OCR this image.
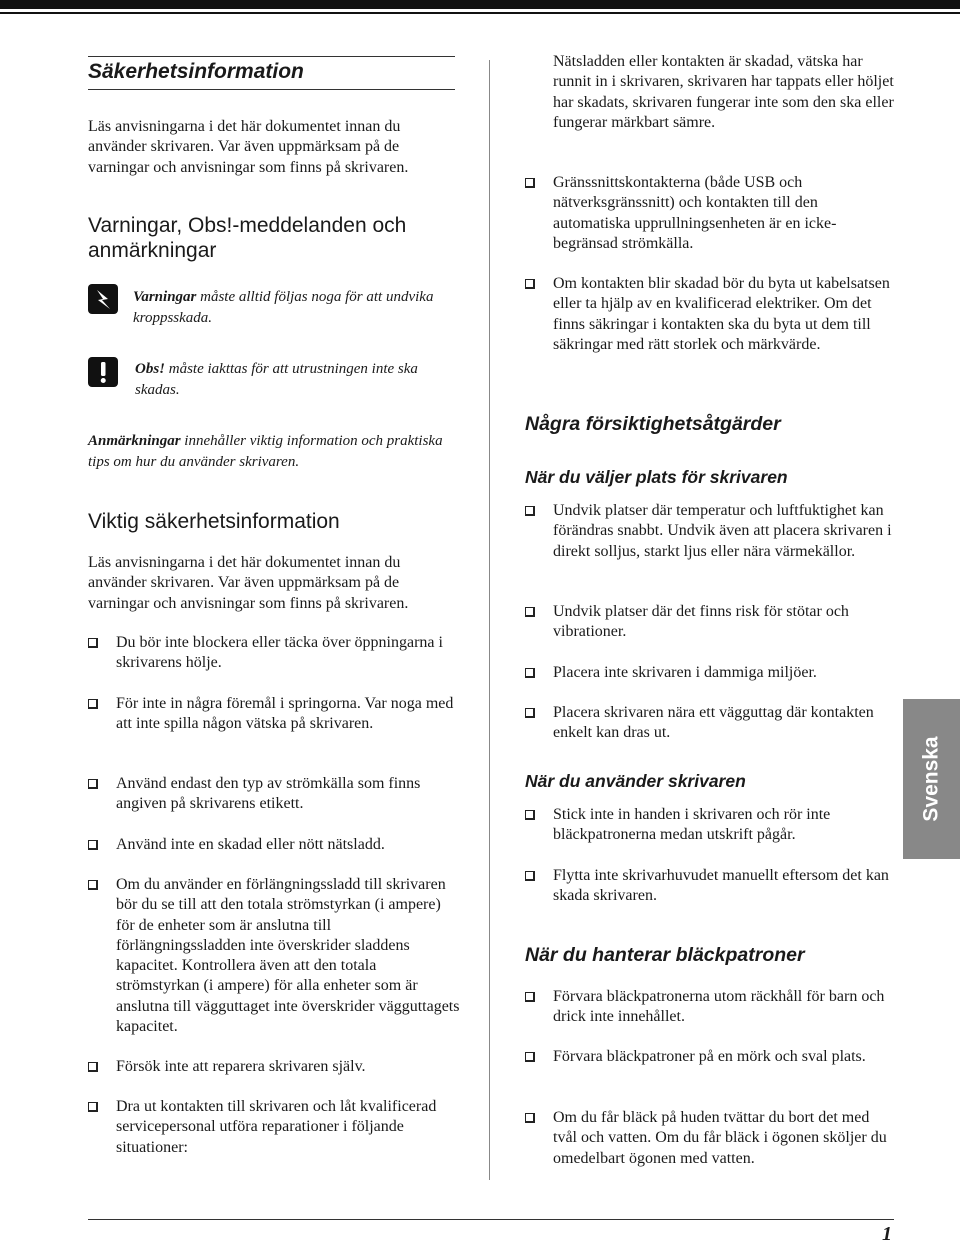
Säkerhetsinformation

Läs anvisningarna i det här dokumentet innan du använder skrivaren. Var även uppmärksam på de varningar och anvisningar som finns på skrivaren.

Varningar, Obs!-meddelanden och anmärkningar

Varningar måste alltid följas noga för att undvika kroppsskada.

Obs! måste iakttas för att utrustningen inte ska skadas.

Anmärkningar innehåller viktig information och praktiska tips om hur du använder skrivaren.

Viktig säkerhetsinformation

Läs anvisningarna i det här dokumentet innan du använder skrivaren. Var även uppmärksam på de varningar och anvisningar som finns på skrivaren.

Du bör inte blockera eller täcka över öppningarna i skrivarens hölje.
För inte in några föremål i springorna. Var noga med att inte spilla någon vätska på skrivaren.
Använd endast den typ av strömkälla som finns angiven på skrivarens etikett.
Använd inte en skadad eller nött nätsladd.
Om du använder en förlängningssladd till skrivaren bör du se till att den totala strömstyrkan (i ampere) för de enheter som är anslutna till förlängningssladden inte överskrider sladdens kapacitet. Kontrollera även att den totala strömstyrkan (i ampere) för alla enheter som är anslutna till vägguttaget inte överskrider vägguttagets kapacitet.
Försök inte att reparera skrivaren själv.
Dra ut kontakten till skrivaren och låt kvalificerad servicepersonal utföra reparationer i följande situationer:

Nätsladden eller kontakten är skadad, vätska har runnit in i skrivaren, skrivaren har tappats eller höljet har skadats, skrivaren fungerar inte som den ska eller fungerar märkbart sämre.

Gränssnittskontakterna (både USB och nätverksgränssnitt) och kontakten till den automatiska upprullningsenheten är en icke-begränsad strömkälla.
Om kontakten blir skadad bör du byta ut kabelsatsen eller ta hjälp av en kvalificerad elektriker. Om det finns säkringar i kontakten ska du byta ut dem till säkringar med rätt storlek och märkvärde.
Några försiktighetsåtgärder
När du väljer plats för skrivaren
Undvik platser där temperatur och luftfuktighet kan förändras snabbt. Undvik även att placera skrivaren i direkt solljus, starkt ljus eller nära värmekällor.
Undvik platser där det finns risk för stötar och vibrationer.
Placera inte skrivaren i dammiga miljöer.
Placera skrivaren nära ett vägguttag där kontakten enkelt kan dras ut.
När du använder skrivaren
Stick inte in handen i skrivaren och rör inte bläckpatronerna medan utskrift pågår.
Flytta inte skrivarhuvudet manuellt eftersom det kan skada skrivaren.
När du hanterar bläckpatroner
Förvara bläckpatronerna utom räckhåll för barn och drick inte innehållet.
Förvara bläckpatroner på en mörk och sval plats.
Om du får bläck på huden tvättar du bort det med tvål och vatten. Om du får bläck i ögonen sköljer du omedelbart ögonen med vatten.
Svenska
1
